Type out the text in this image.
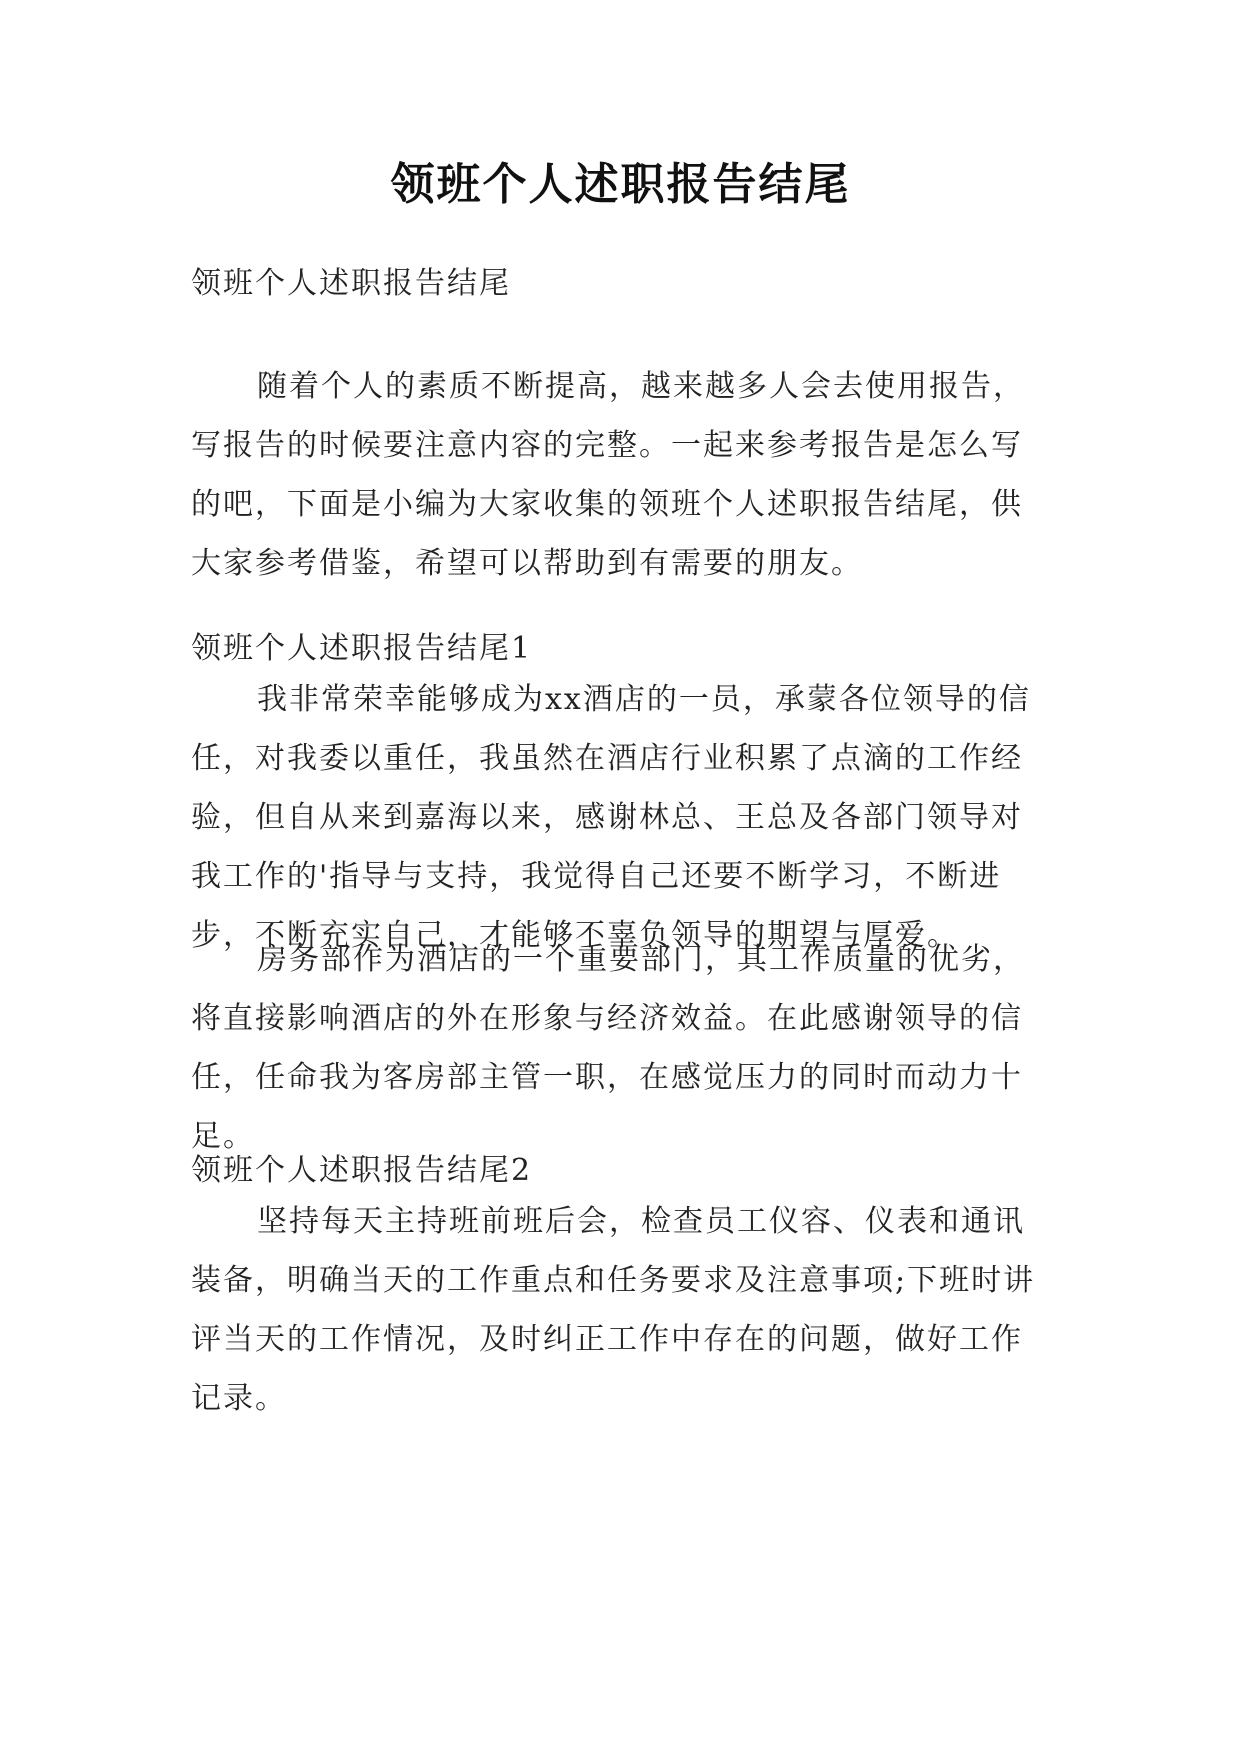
领班个人述职报告结尾
领班个人述职报告结尾
随着个人的素质不断提高，越来越多人会去使用报告，写报告的时候要注意内容的完整。一起来参考报告是怎么写的吧，下面是小编为大家收集的领班个人述职报告结尾，供大家参考借鉴，希望可以帮助到有需要的朋友。
领班个人述职报告结尾1
我非常荣幸能够成为xx酒店的一员，承蒙各位领导的信任，对我委以重任，我虽然在酒店行业积累了点滴的工作经验，但自从来到嘉海以来，感谢林总、王总及各部门领导对我工作的'指导与支持，我觉得自己还要不断学习，不断进步，不断充实自己，才能够不辜负领导的期望与厚爱。
房务部作为酒店的一个重要部门，其工作质量的优劣，将直接影响酒店的外在形象与经济效益。在此感谢领导的信任，任命我为客房部主管一职，在感觉压力的同时而动力十足。
领班个人述职报告结尾2
坚持每天主持班前班后会，检查员工仪容、仪表和通讯装备，明确当天的工作重点和任务要求及注意事项;下班时讲评当天的工作情况，及时纠正工作中存在的问题，做好工作记录。
